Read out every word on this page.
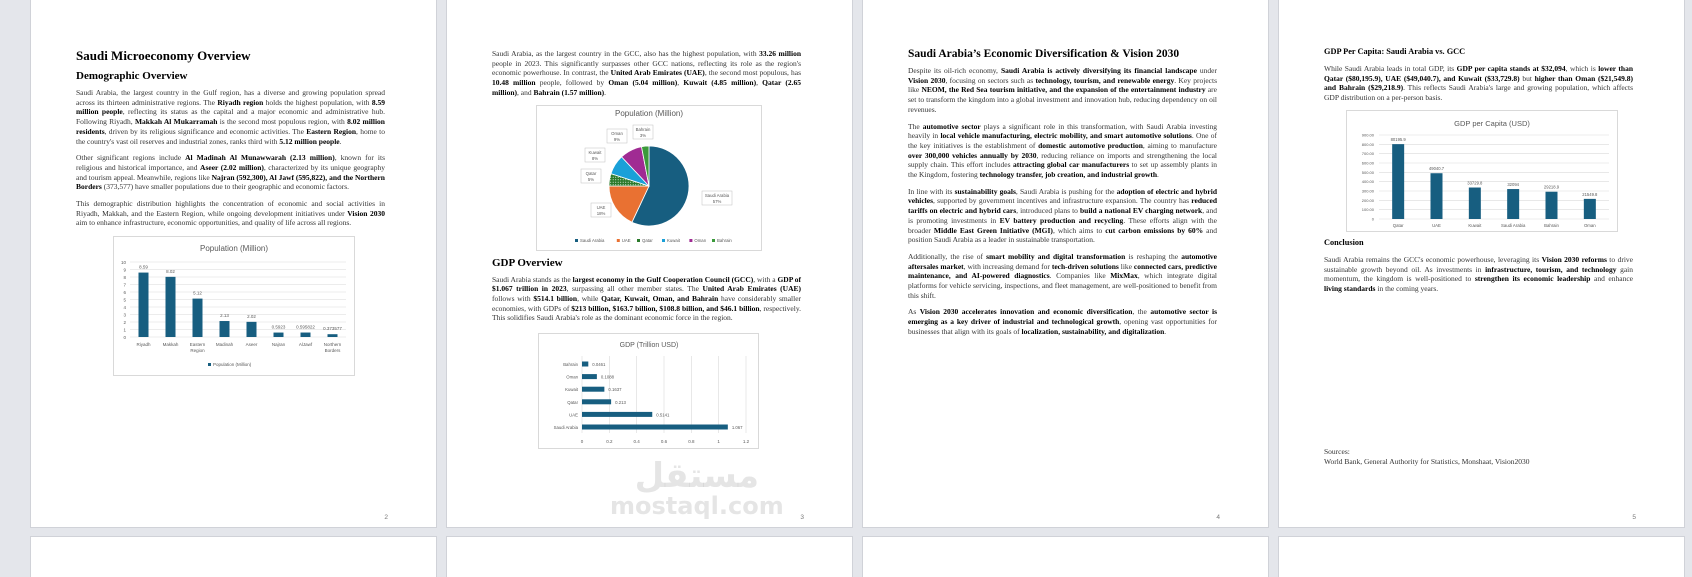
Saudi Microeconomy Overview
Demographic Overview
Saudi Arabia, the largest country in the Gulf region, has a diverse and growing population spread across its thirteen administrative regions. The Riyadh region holds the highest population, with 8.59 million people, reflecting its status as the capital and a major economic and administrative hub. Following Riyadh, Makkah Al Mukarramah is the second most populous region, with 8.02 million residents, driven by its religious significance and economic activities. The Eastern Region, home to the country's vast oil reserves and industrial zones, ranks third with 5.12 million people.
Other significant regions include Al Madinah Al Munawwarah (2.13 million), known for its religious and historical importance, and Aseer (2.02 million), characterized by its unique geography and tourism appeal. Meanwhile, regions like Najran (592,300), Al Jawf (595,822), and the Northern Borders (373,577) have smaller populations due to their geographic and economic factors.
This demographic distribution highlights the concentration of economic and social activities in Riyadh, Makkah, and the Eastern Region, while ongoing development initiatives under Vision 2030 aim to enhance infrastructure, economic opportunities, and quality of life across all regions.
Population (Million)
0
1
2
3
4
5
6
7
8
9
10
8.59
Riyadh
8.02
Makkah
5.12
Eastern Region
2.13
Madinah
2.02
Aseer
0.5923
Najran
0.595822
AlJawf
0.373577
Northern Borders
Population (Million)
2
Saudi Arabia, as the largest country in the GCC, also has the highest population, with 33.26 million people in 2023. This significantly surpasses other GCC nations, reflecting its role as the region's economic powerhouse. In contrast, the United Arab Emirates (UAE), the second most populous, has 10.48 million people, followed by Oman (5.04 million), Kuwait (4.85 million), Qatar (2.65 million), and Bahrain (1.57 million).
Population (Million)
Saudi Arabia
57%
UAE
18%
Qatar
5%
Kuwait
8%
Oman
9%
Bahrain
3%
Saudi Arabia	UAE	Qatar	Kuwait	Oman	Bahrain
GDP Overview
Saudi Arabia stands as the largest economy in the Gulf Cooperation Council (GCC), with a GDP of $1.067 trillion in 2023, surpassing all other member states. The United Arab Emirates (UAE) follows with $514.1 billion, while Qatar, Kuwait, Oman, and Bahrain have considerably smaller economies, with GDPs of $213 billion, $163.7 billion, $108.8 billion, and $46.1 billion, respectively. This solidifies Saudi Arabia's role as the dominant economic force in the region.
GDP (Trillion USD)
0	0.2	0.4	0.6	0.8	1	1.2
0.0461
Bahrain
0.1088
Oman
0.1637
Kuwait
0.213
Qatar
0.5141
UAE
1.067
Saudi Arabia
3
Saudi Arabia’s Economic Diversification & Vision 2030
Despite its oil-rich economy, Saudi Arabia is actively diversifying its financial landscape under Vision 2030, focusing on sectors such as technology, tourism, and renewable energy. Key projects like NEOM, the Red Sea tourism initiative, and the expansion of the entertainment industry are set to transform the kingdom into a global investment and innovation hub, reducing dependency on oil revenues.
The automotive sector plays a significant role in this transformation, with Saudi Arabia investing heavily in local vehicle manufacturing, electric mobility, and smart automotive solutions. One of the key initiatives is the establishment of domestic automotive production, aiming to manufacture over 300,000 vehicles annually by 2030, reducing reliance on imports and strengthening the local supply chain. This effort includes attracting global car manufacturers to set up assembly plants in the Kingdom, fostering technology transfer, job creation, and industrial growth.
In line with its sustainability goals, Saudi Arabia is pushing for the adoption of electric and hybrid vehicles, supported by government incentives and infrastructure expansion. The country has reduced tariffs on electric and hybrid cars, introduced plans to build a national EV charging network, and is promoting investments in EV battery production and recycling. These efforts align with the broader Middle East Green Initiative (MGI), which aims to cut carbon emissions by 60% and position Saudi Arabia as a leader in sustainable transportation.
Additionally, the rise of smart mobility and digital transformation is reshaping the automotive aftersales market, with increasing demand for tech-driven solutions like connected cars, predictive maintenance, and AI-powered diagnostics. Companies like MixMax, which integrate digital platforms for vehicle servicing, inspections, and fleet management, are well-positioned to benefit from this shift.
As Vision 2030 accelerates innovation and economic diversification, the automotive sector is emerging as a key driver of industrial and technological growth, opening vast opportunities for businesses that align with its goals of localization, sustainability, and digitalization.
4
GDP Per Capita: Saudi Arabia vs. GCC
While Saudi Arabia leads in total GDP, its GDP per capita stands at $32,094, which is lower than Qatar ($80,195.9), UAE ($49,040.7), and Kuwait ($33,729.8) but higher than Oman ($21,549.8) and Bahrain ($29,218.9). This reflects Saudi Arabia's large and growing population, which affects GDP distribution on a per-person basis.
GDP per Capita (USD)
0
100.00
200.00
300.00
400.00
500.00
600.00
700.00
800.00
900.00
80195.9
Qatar
49040.7
UAE
33729.8
Kuwait
32094
Saudi Arabia
29218.9
Bahrain
21549.8
Oman
Conclusion
Saudi Arabia remains the GCC's economic powerhouse, leveraging its Vision 2030 reforms to drive sustainable growth beyond oil. As investments in infrastructure, tourism, and technology gain momentum, the kingdom is well-positioned to strengthen its economic leadership and enhance living standards in the coming years.
Sources:
World Bank, General Authority for Statistics, Monshaat, Vision2030
5
مستقل
mostaql.com
